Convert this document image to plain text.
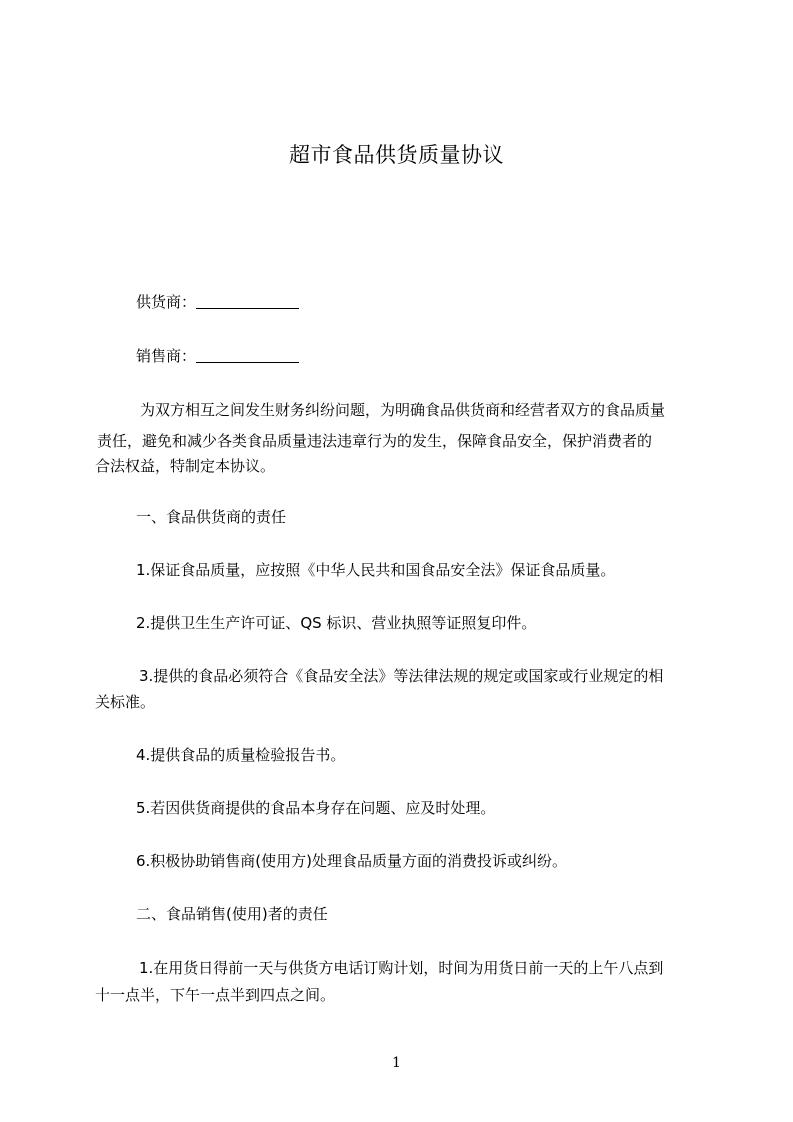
超市食品供货质量协议
供货商：
销售商：
为双方相互之间发生财务纠纷问题，为明确食品供货商和经营者双方的食品质量
责任，避免和减少各类食品质量违法违章行为的发生，保障食品安全，保护消费者的
合法权益，特制定本协议。
一、食品供货商的责任
1.保证食品质量，应按照《中华人民共和国食品安全法》保证食品质量。
2.提供卫生生产许可证、QS 标识、营业执照等证照复印件。
3.提供的食品必须符合《食品安全法》等法律法规的规定或国家或行业规定的相
关标准。
4.提供食品的质量检验报告书。
5.若因供货商提供的食品本身存在问题、应及时处理。
6.积极协助销售商(使用方)处理食品质量方面的消费投诉或纠纷。
二、食品销售(使用)者的责任
1.在用货日得前一天与供货方电话订购计划，时间为用货日前一天的上午八点到
十一点半，下午一点半到四点之间。
1
